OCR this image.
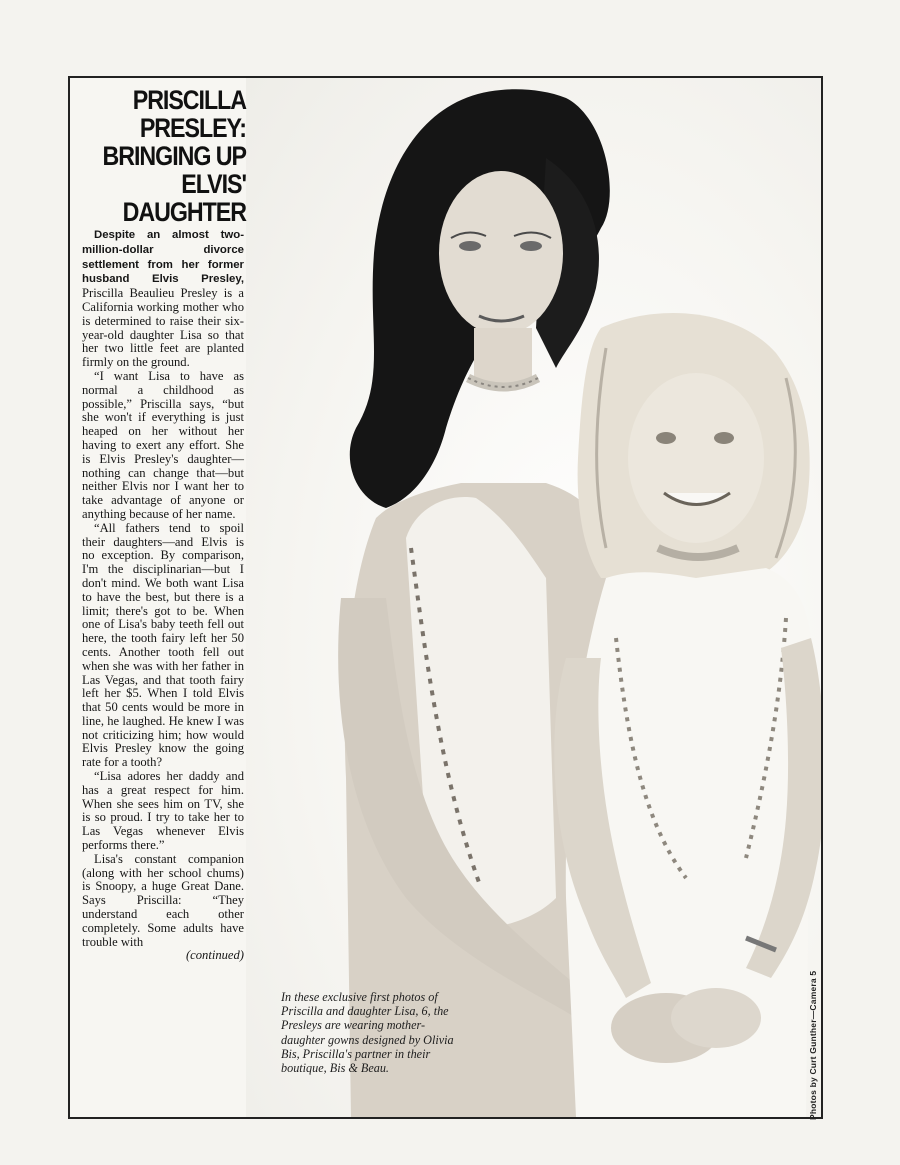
PRISCILLA
PRESLEY:
BRINGING UP
ELVIS'
DAUGHTER

Despite an almost two-million-dollar divorce settlement from her former husband Elvis Presley, Priscilla Beaulieu Presley is a California working mother who is determined to raise their six-year-old daughter Lisa so that her two little feet are planted firmly on the ground.

“I want Lisa to have as normal a childhood as possible,” Priscilla says, “but she won't if everything is just heaped on her without her having to exert any effort. She is Elvis Presley's daughter—nothing can change that—but neither Elvis nor I want her to take advantage of anyone or anything because of her name.

“All fathers tend to spoil their daughters—and Elvis is no exception. By comparison, I'm the disciplinarian—but I don't mind. We both want Lisa to have the best, but there is a limit; there's got to be. When one of Lisa's baby teeth fell out here, the tooth fairy left her 50 cents. Another tooth fell out when she was with her father in Las Vegas, and that tooth fairy left her $5. When I told Elvis that 50 cents would be more in line, he laughed. He knew I was not criticizing him; how would Elvis Presley know the going rate for a tooth?

“Lisa adores her daddy and has a great respect for him. When she sees him on TV, she is so proud. I try to take her to Las Vegas whenever Elvis performs there.”

Lisa's constant companion (along with her school chums) is Snoopy, a huge Great Dane. Says Priscilla: “They understand each other completely. Some adults have trouble with

(continued)
In these exclusive first photos of Priscilla and daughter Lisa, 6, the Presleys are wearing mother-daughter gowns designed by Olivia Bis, Priscilla's partner in their boutique, Bis & Beau.	Photos by Curt Gunther—Camera 5
